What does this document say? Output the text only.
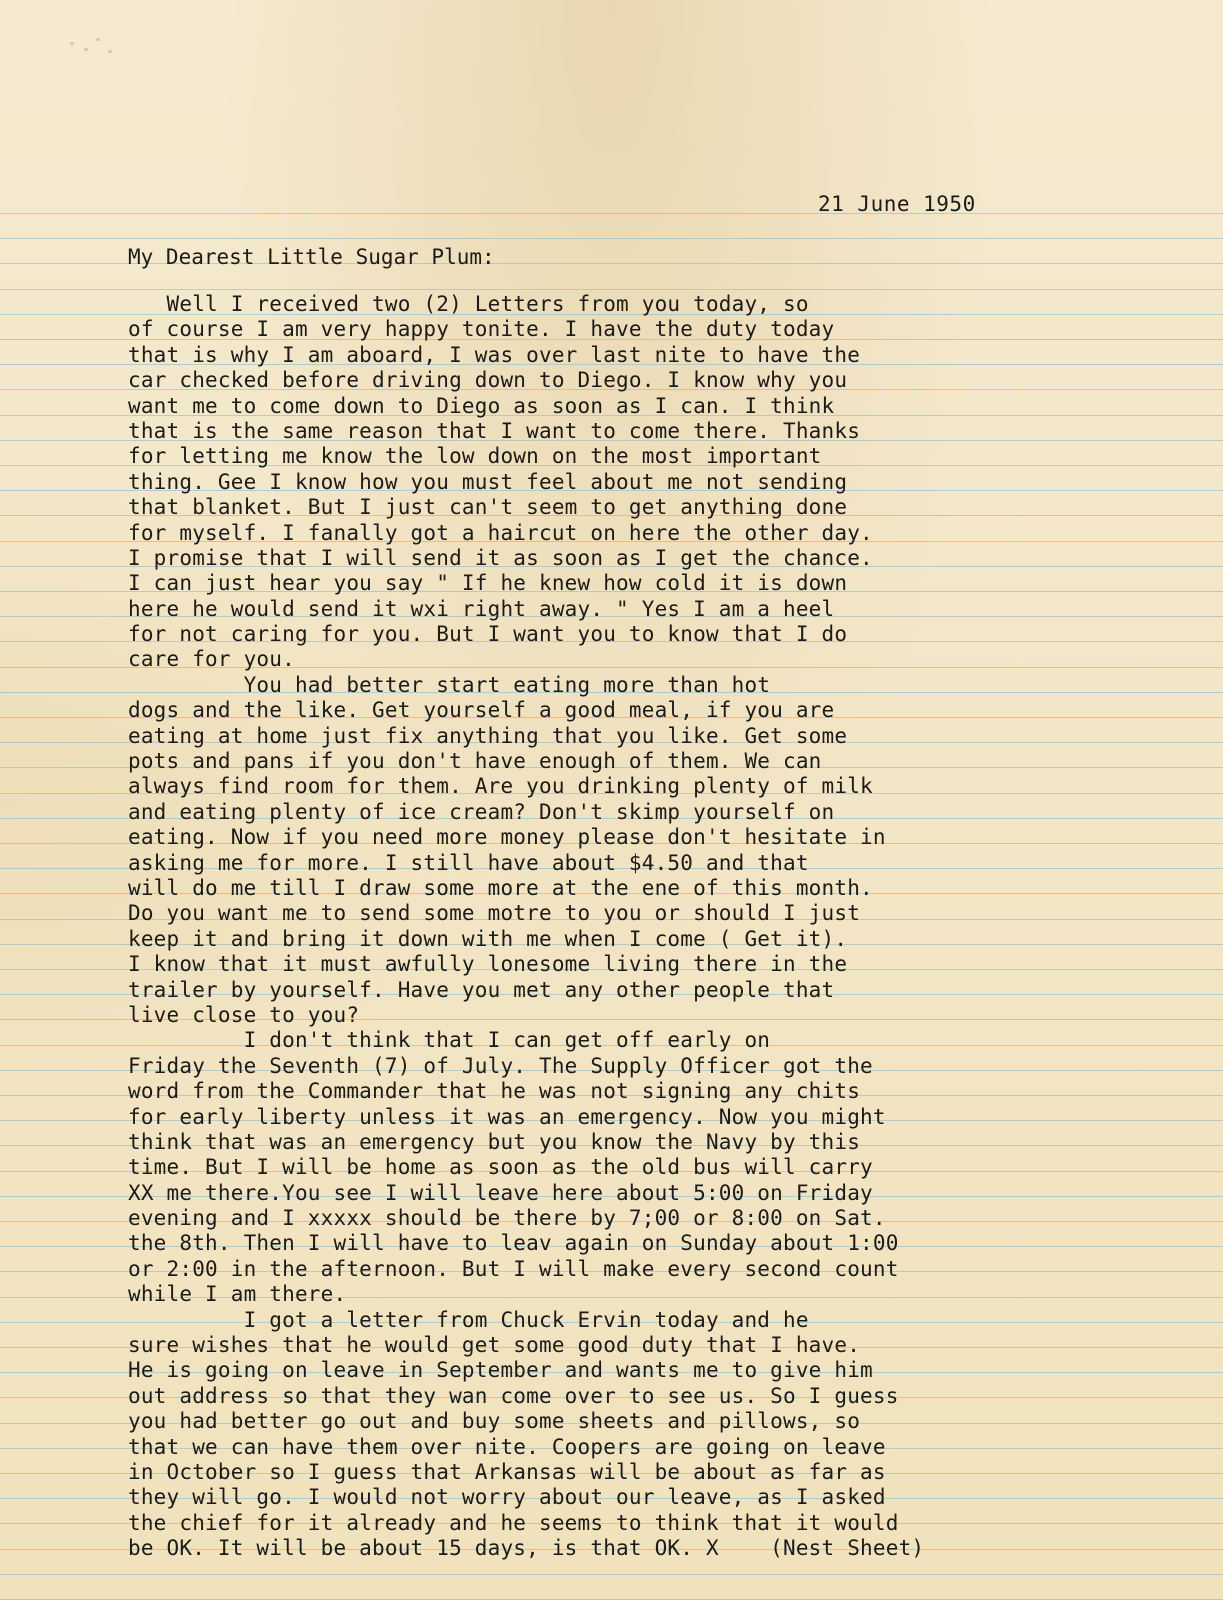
21 June 1950
My Dearest Little Sugar Plum:
Well I received two (2) Letters from you today, so
of course I am very happy tonite. I have the duty today
that is why I am aboard, I was over last nite to have the
car checked before driving down to Diego. I know why you
want me to come down to Diego as soon as I can. I think
that is the same reason that I want to come there. Thanks
for letting me know the low down on the most important
thing. Gee I know how you must feel about me not sending
that blanket. But I just can't seem to get anything done
for myself. I fanally got a haircut on here the other day.
I promise that I will send it as soon as I get the chance.
I can just hear you say " If he knew how cold it is down
here he would send it wxi right away. " Yes I am a heel
for not caring for you. But I want you to know that I do
care for you.
You had better start eating more than hot
dogs and the like. Get yourself a good meal, if you are
eating at home just fix anything that you like. Get some
pots and pans if you don't have enough of them. We can
always find room for them. Are you drinking plenty of milk
and eating plenty of ice cream? Don't skimp yourself on
eating. Now if you need more money please don't hesitate in
asking me for more. I still have about $4.50 and that
will do me till I draw some more at the ene of this month.
Do you want me to send some motre to you or should I just
keep it and bring it down with me when I come ( Get it).
I know that it must awfully lonesome living there in the
trailer by yourself. Have you met any other people that
live close to you?
I don't think that I can get off early on
Friday the Seventh (7) of July. The Supply Officer got the
word from the Commander that he was not signing any chits
for early liberty unless it was an emergency. Now you might
think that was an emergency but you know the Navy by this
time. But I will be home as soon as the old bus will carry
XX me there.You see I will leave here about 5:00 on Friday
evening and I xxxxx should be there by 7;00 or 8:00 on Sat.
the 8th. Then I will have to leav again on Sunday about 1:00
or 2:00 in the afternoon. But I will make every second count
while I am there.
I got a letter from Chuck Ervin today and he
sure wishes that he would get some good duty that I have.
He is going on leave in September and wants me to give him
out address so that they wan come over to see us. So I guess
you had better go out and buy some sheets and pillows, so
that we can have them over nite. Coopers are going on leave
in October so I guess that Arkansas will be about as far as
they will go. I would not worry about our leave, as I asked
the chief for it already and he seems to think that it would
be OK. It will be about 15 days, is that OK. X    (Nest Sheet)
